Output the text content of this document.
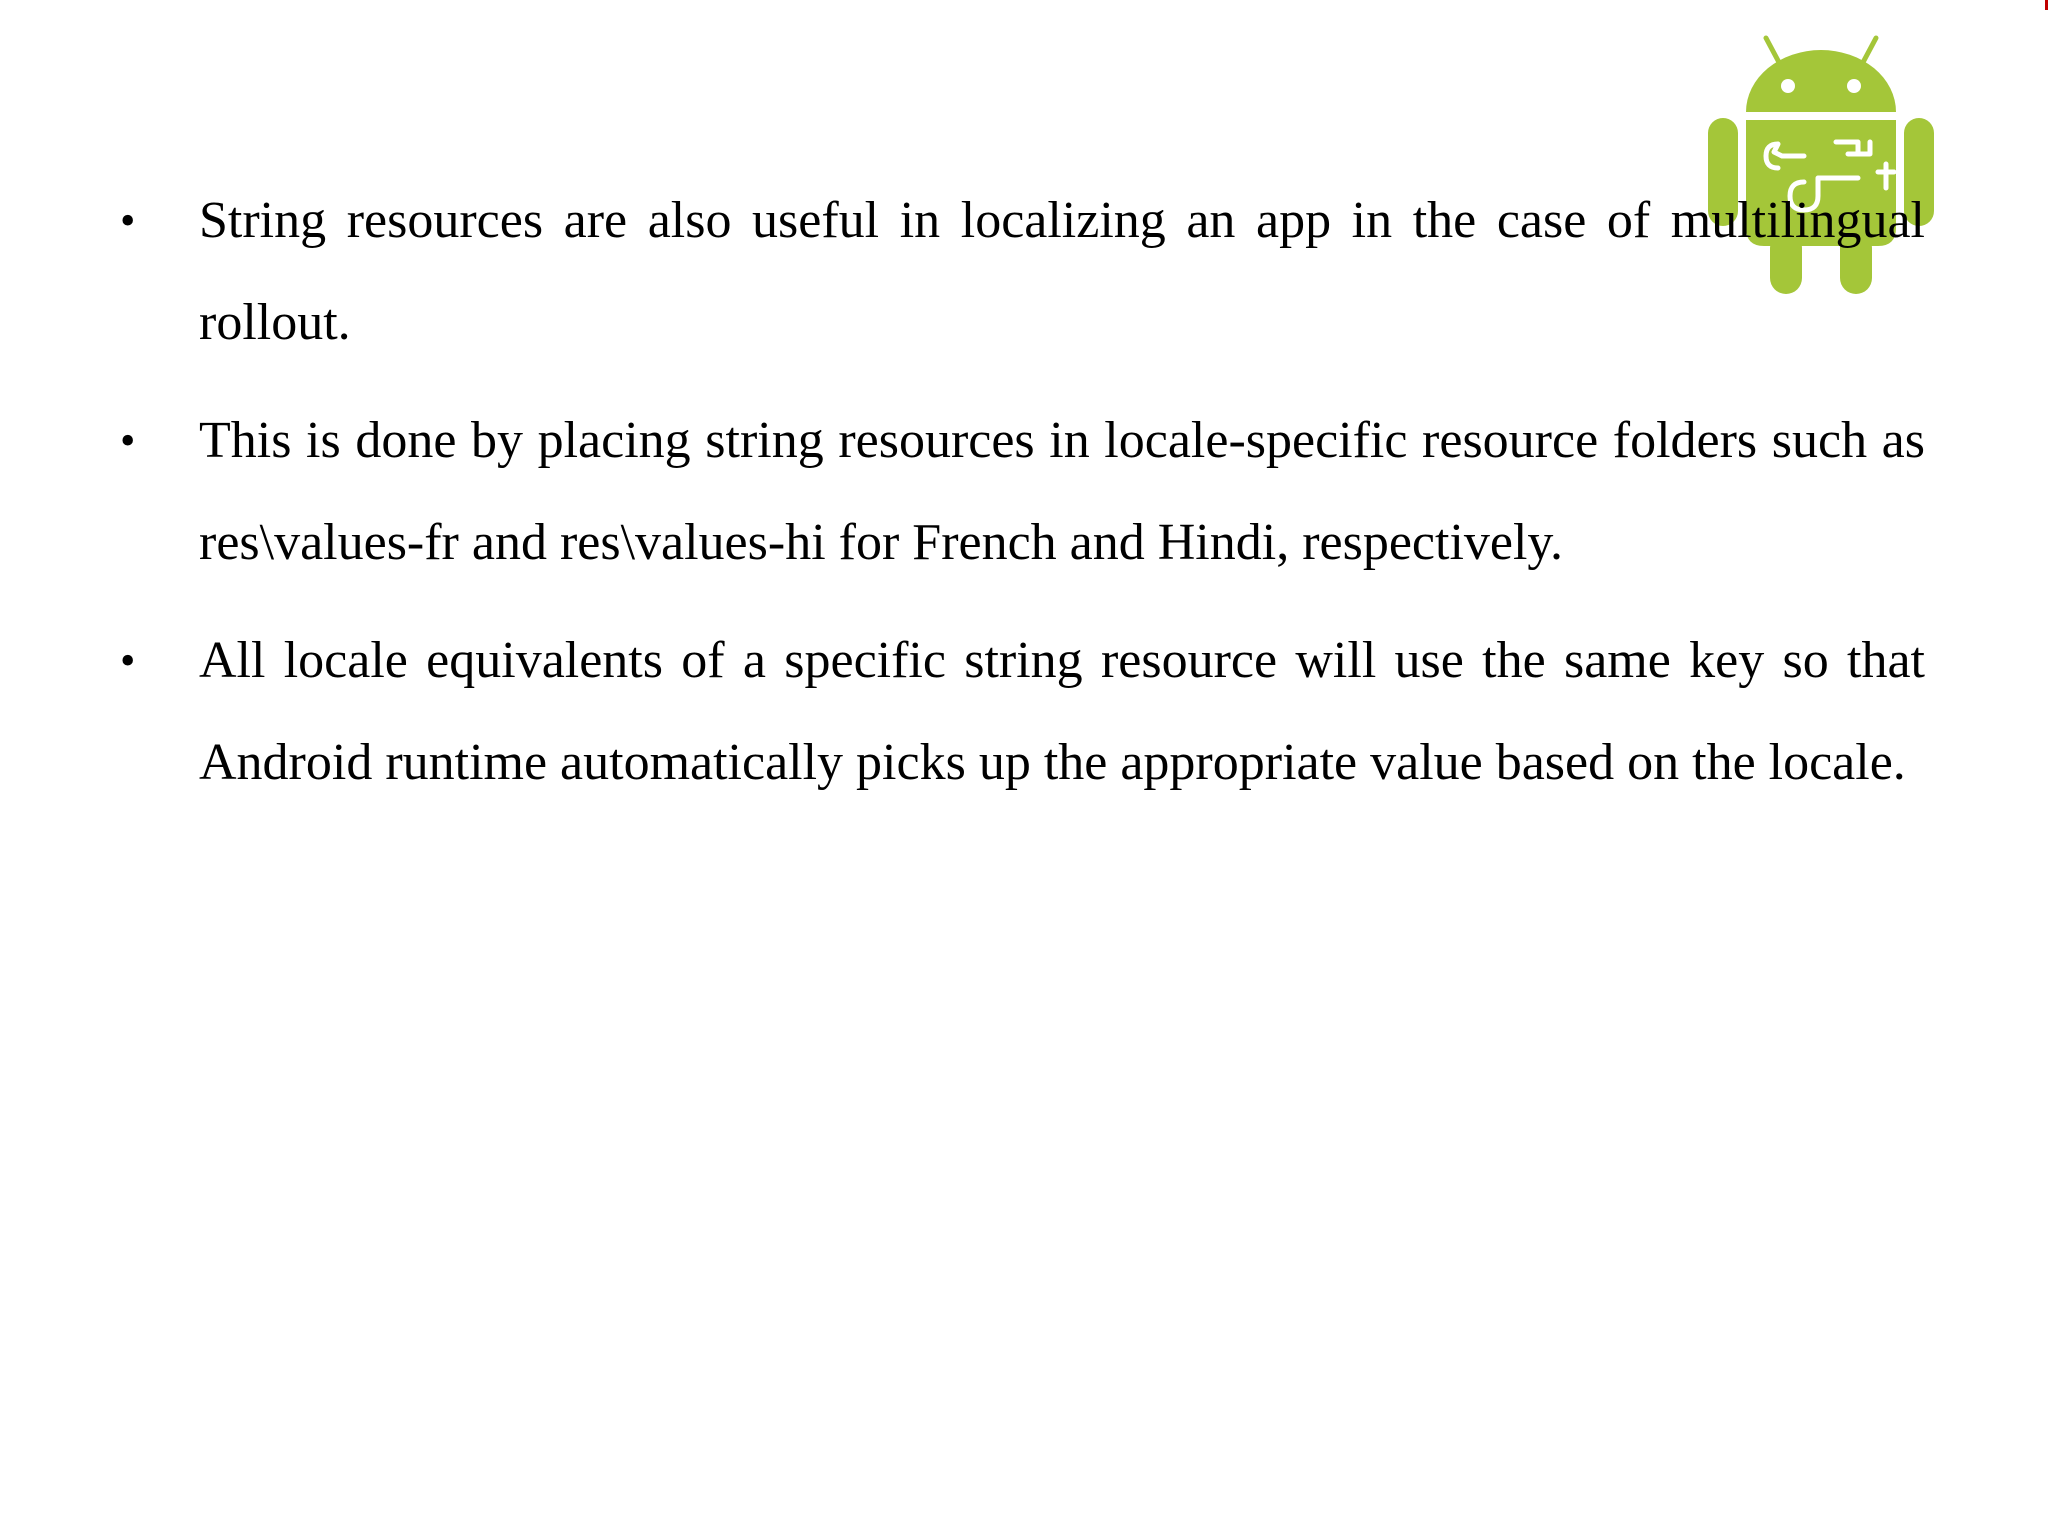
• String resources are also useful in localizing an app in the case of multilingual rollout.
• This is done by placing string resources in locale-specific resource folders such as res\values-fr and res\values-hi for French and Hindi, respectively.
• All locale equivalents of a specific string resource will use the same key so that Android runtime automatically picks up the appropriate value based on the locale.
